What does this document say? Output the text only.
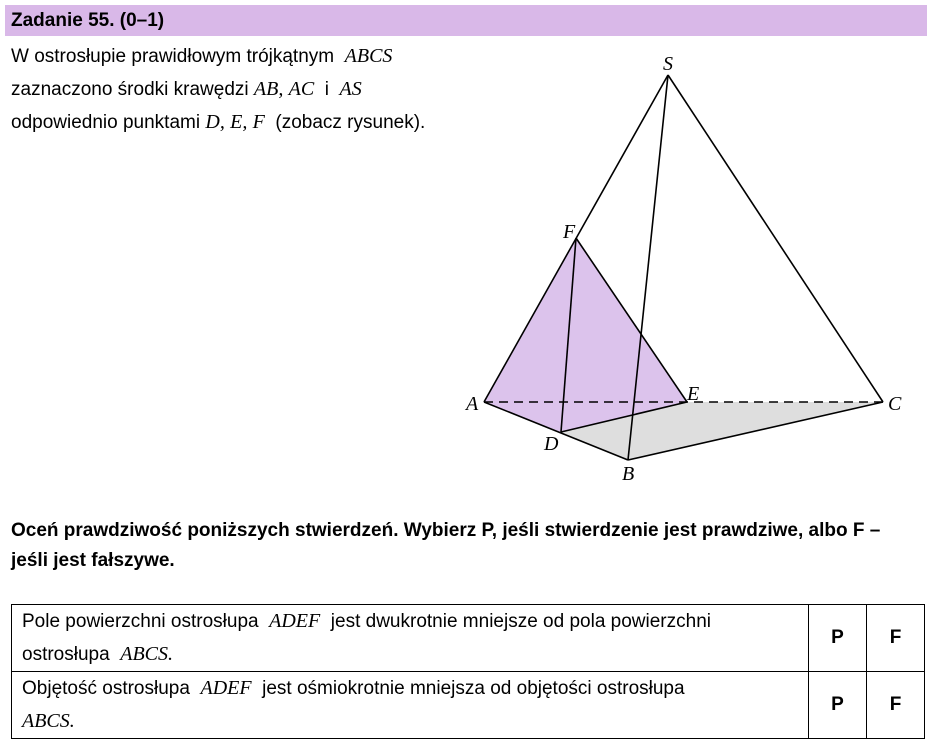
Zadanie 55. (0–1)
W ostrosłupie prawidłowym trójkątnym ABCS
zaznaczono środki krawędzi AB, AC i AS
odpowiednio punktami D, E, F (zobacz rysunek).
S
F
A	E	C
D
B
Oceń prawdziwość poniższych stwierdzeń. Wybierz P, jeśli stwierdzenie jest prawdziwe, albo F – jeśli jest fałszywe.
Pole powierzchni ostrosłupa ADEF jest dwukrotnie mniejsze od pola powierzchni ostrosłupa ABCS.	P	F
Objętość ostrosłupa ADEF jest ośmiokrotnie mniejsza od objętości ostrosłupa
ABCS.	P	F
